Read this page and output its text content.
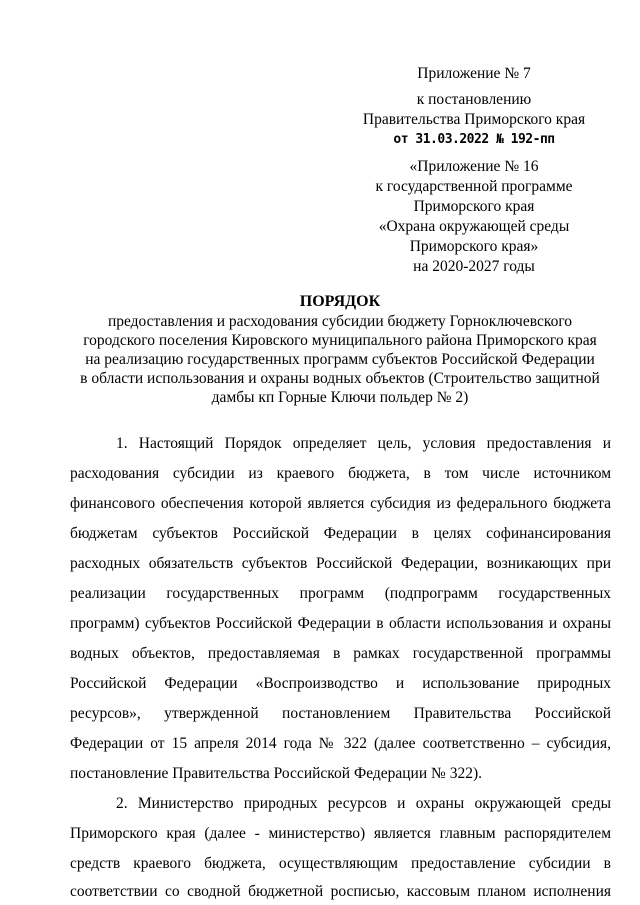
Приложение № 7
к постановлению
Правительства Приморского края
от 31.03.2022 № 192-пп
«Приложение № 16
к государственной программе
Приморского края
«Охрана окружающей среды
Приморского края»
на 2020-2027 годы
ПОРЯДОК
предоставления и расходования субсидии бюджету Горноключевского
городского поселения Кировского муниципального района Приморского края
на реализацию государственных программ субъектов Российской Федерации
в области использования и охраны водных объектов (Строительство защитной
дамбы кп Горные Ключи польдер № 2)
1. Настоящий Порядок определяет цель, условия предоставления и
расходования субсидии из краевого бюджета, в том числе источником
финансового обеспечения которой является субсидия из федерального бюджета
бюджетам субъектов Российской Федерации в целях софинансирования
расходных обязательств субъектов Российской Федерации, возникающих при
реализации государственных программ (подпрограмм государственных
программ) субъектов Российской Федерации в области использования и охраны
водных объектов, предоставляемая в рамках государственной программы
Российской Федерации «Воспроизводство и использование природных
ресурсов», утвержденной постановлением Правительства Российской
Федерации от 15 апреля 2014 года № 322 (далее соответственно – субсидия,
постановление Правительства Российской Федерации № 322).
2. Министерство природных ресурсов и охраны окружающей среды
Приморского края (далее - министерство) является главным распорядителем
средств краевого бюджета, осуществляющим предоставление субсидии в
соответствии со сводной бюджетной росписью, кассовым планом исполнения
